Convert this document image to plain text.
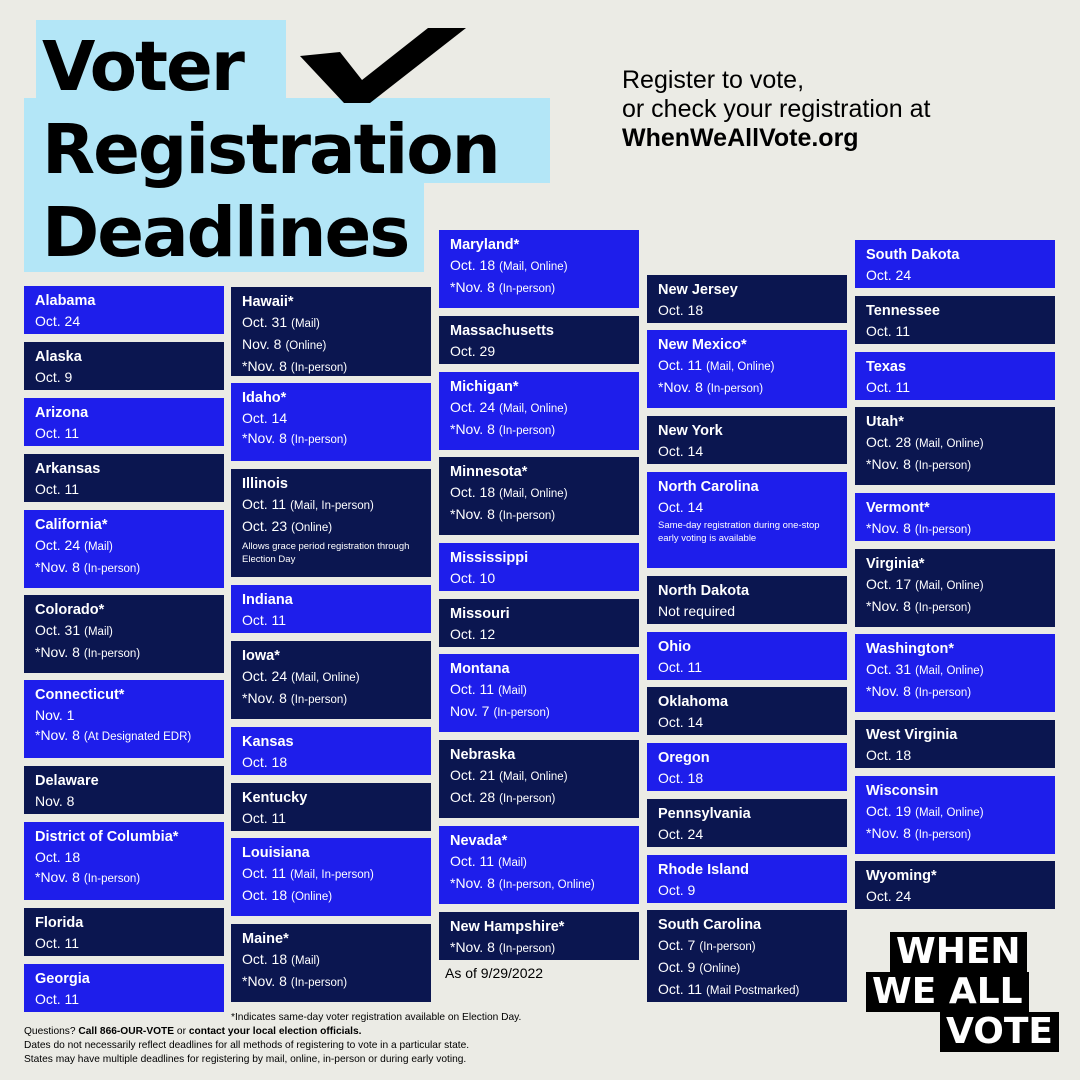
Voter
Registration
Deadlines
Register to vote,
or check your registration at
WhenWeAllVote.org
Alabama
Oct. 24
Alaska
Oct. 9
Arizona
Oct. 11
Arkansas
Oct. 11
California*
Oct. 24 (Mail)
*Nov. 8 (In-person)
Colorado*
Oct. 31 (Mail)
*Nov. 8 (In-person)
Connecticut*
Nov. 1
*Nov. 8 (At Designated EDR)
Delaware
Nov. 8
District of Columbia*
Oct. 18
*Nov. 8 (In-person)
Florida
Oct. 11
Georgia
Oct. 11
Hawaii*
Oct. 31 (Mail)
Nov. 8 (Online)
*Nov. 8 (In-person)
Idaho*
Oct. 14
*Nov. 8 (In-person)
Illinois
Oct. 11 (Mail, In-person)
Oct. 23 (Online)
Allows grace period registration through Election Day
Indiana
Oct. 11
Iowa*
Oct. 24 (Mail, Online)
*Nov. 8 (In-person)
Kansas
Oct. 18
Kentucky
Oct. 11
Louisiana
Oct. 11 (Mail, In-person)
Oct. 18 (Online)
Maine*
Oct. 18 (Mail)
*Nov. 8 (In-person)
Maryland*
Oct. 18 (Mail, Online)
*Nov. 8 (In-person)
Massachusetts
Oct. 29
Michigan*
Oct. 24 (Mail, Online)
*Nov. 8 (In-person)
Minnesota*
Oct. 18 (Mail, Online)
*Nov. 8 (In-person)
Mississippi
Oct. 10
Missouri
Oct. 12
Montana
Oct. 11 (Mail)
Nov. 7 (In-person)
Nebraska
Oct. 21 (Mail, Online)
Oct. 28 (In-person)
Nevada*
Oct. 11 (Mail)
*Nov. 8 (In-person, Online)
New Hampshire*
*Nov. 8 (In-person)
New Jersey
Oct. 18
New Mexico*
Oct. 11 (Mail, Online)
*Nov. 8 (In-person)
New York
Oct. 14
North Carolina
Oct. 14
Same-day registration during one-stop early voting is available
North Dakota
Not required
Ohio
Oct. 11
Oklahoma
Oct. 14
Oregon
Oct. 18
Pennsylvania
Oct. 24
Rhode Island
Oct. 9
South Carolina
Oct. 7 (In-person)
Oct. 9 (Online)
Oct. 11 (Mail Postmarked)
South Dakota
Oct. 24
Tennessee
Oct. 11
Texas
Oct. 11
Utah*
Oct. 28 (Mail, Online)
*Nov. 8 (In-person)
Vermont*
*Nov. 8 (In-person)
Virginia*
Oct. 17 (Mail, Online)
*Nov. 8 (In-person)
Washington*
Oct. 31 (Mail, Online)
*Nov. 8 (In-person)
West Virginia
Oct. 18
Wisconsin
Oct. 19 (Mail, Online)
*Nov. 8 (In-person)
Wyoming*
Oct. 24
As of 9/29/2022
*Indicates same-day voter registration available on Election Day.
Questions? Call 866-OUR-VOTE or contact your local election officials.
Dates do not necessarily reflect deadlines for all methods of registering to vote in a particular state.
States may have multiple deadlines for registering by mail, online, in-person or during early voting.
WHEN
WE ALL
VOTE
